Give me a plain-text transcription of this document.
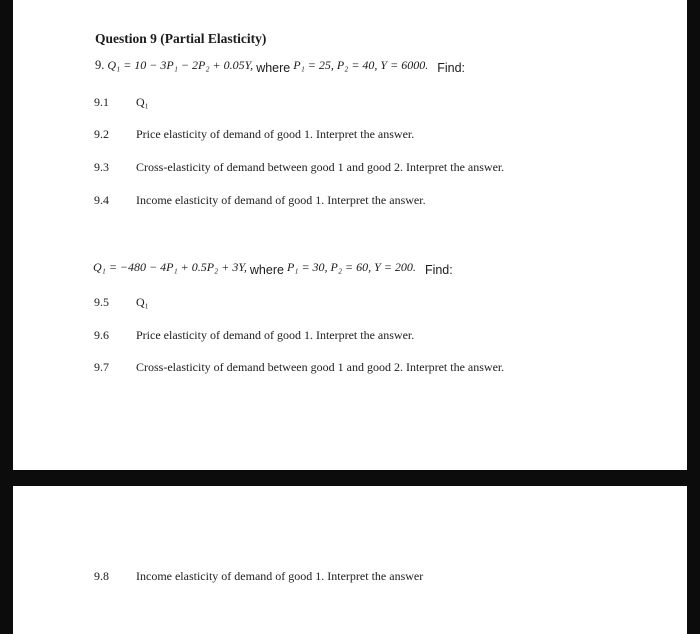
Question 9 (Partial Elasticity)
9. Q₁ = 10 − 3P₁ − 2P₂ + 0.05Y, where P₁ = 25, P₂ = 40, Y = 6000. Find:
9.1 Q₁
9.2 Price elasticity of demand of good 1. Interpret the answer.
9.3 Cross-elasticity of demand between good 1 and good 2. Interpret the answer.
9.4 Income elasticity of demand of good 1. Interpret the answer.
Q₁ = −480 − 4P₁ + 0.5P₂ + 3Y, where P₁ = 30, P₂ = 60, Y = 200. Find:
9.5 Q₁
9.6 Price elasticity of demand of good 1. Interpret the answer.
9.7 Cross-elasticity of demand between good 1 and good 2. Interpret the answer.
9.8 Income elasticity of demand of good 1. Interpret the answer
